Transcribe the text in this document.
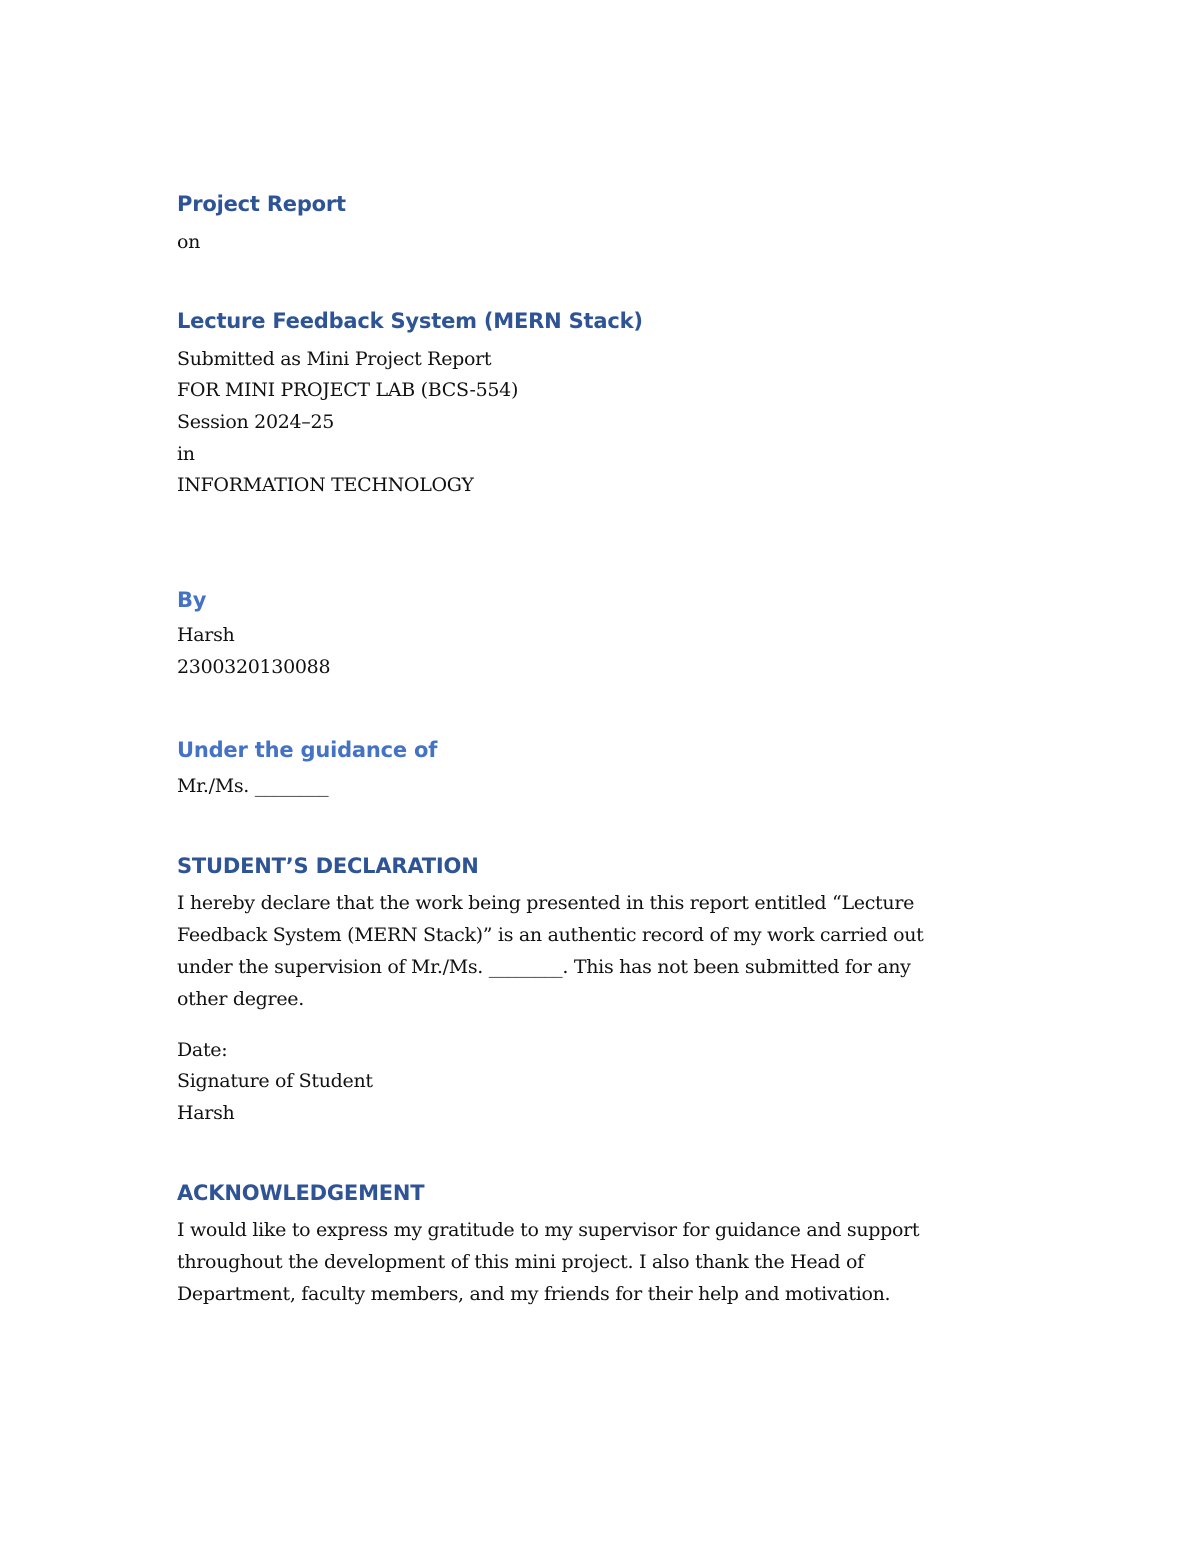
Project Report
on
Lecture Feedback System (MERN Stack)
Submitted as Mini Project Report
FOR MINI PROJECT LAB (BCS-554)
Session 2024–25
in
INFORMATION TECHNOLOGY
By
Harsh
2300320130088
Under the guidance of
Mr./Ms. ________
STUDENT’S DECLARATION
I hereby declare that the work being presented in this report entitled “Lecture
Feedback System (MERN Stack)” is an authentic record of my work carried out
under the supervision of Mr./Ms. ________. This has not been submitted for any
other degree.
Date:
Signature of Student
Harsh
ACKNOWLEDGEMENT
I would like to express my gratitude to my supervisor for guidance and support
throughout the development of this mini project. I also thank the Head of
Department, faculty members, and my friends for their help and motivation.
